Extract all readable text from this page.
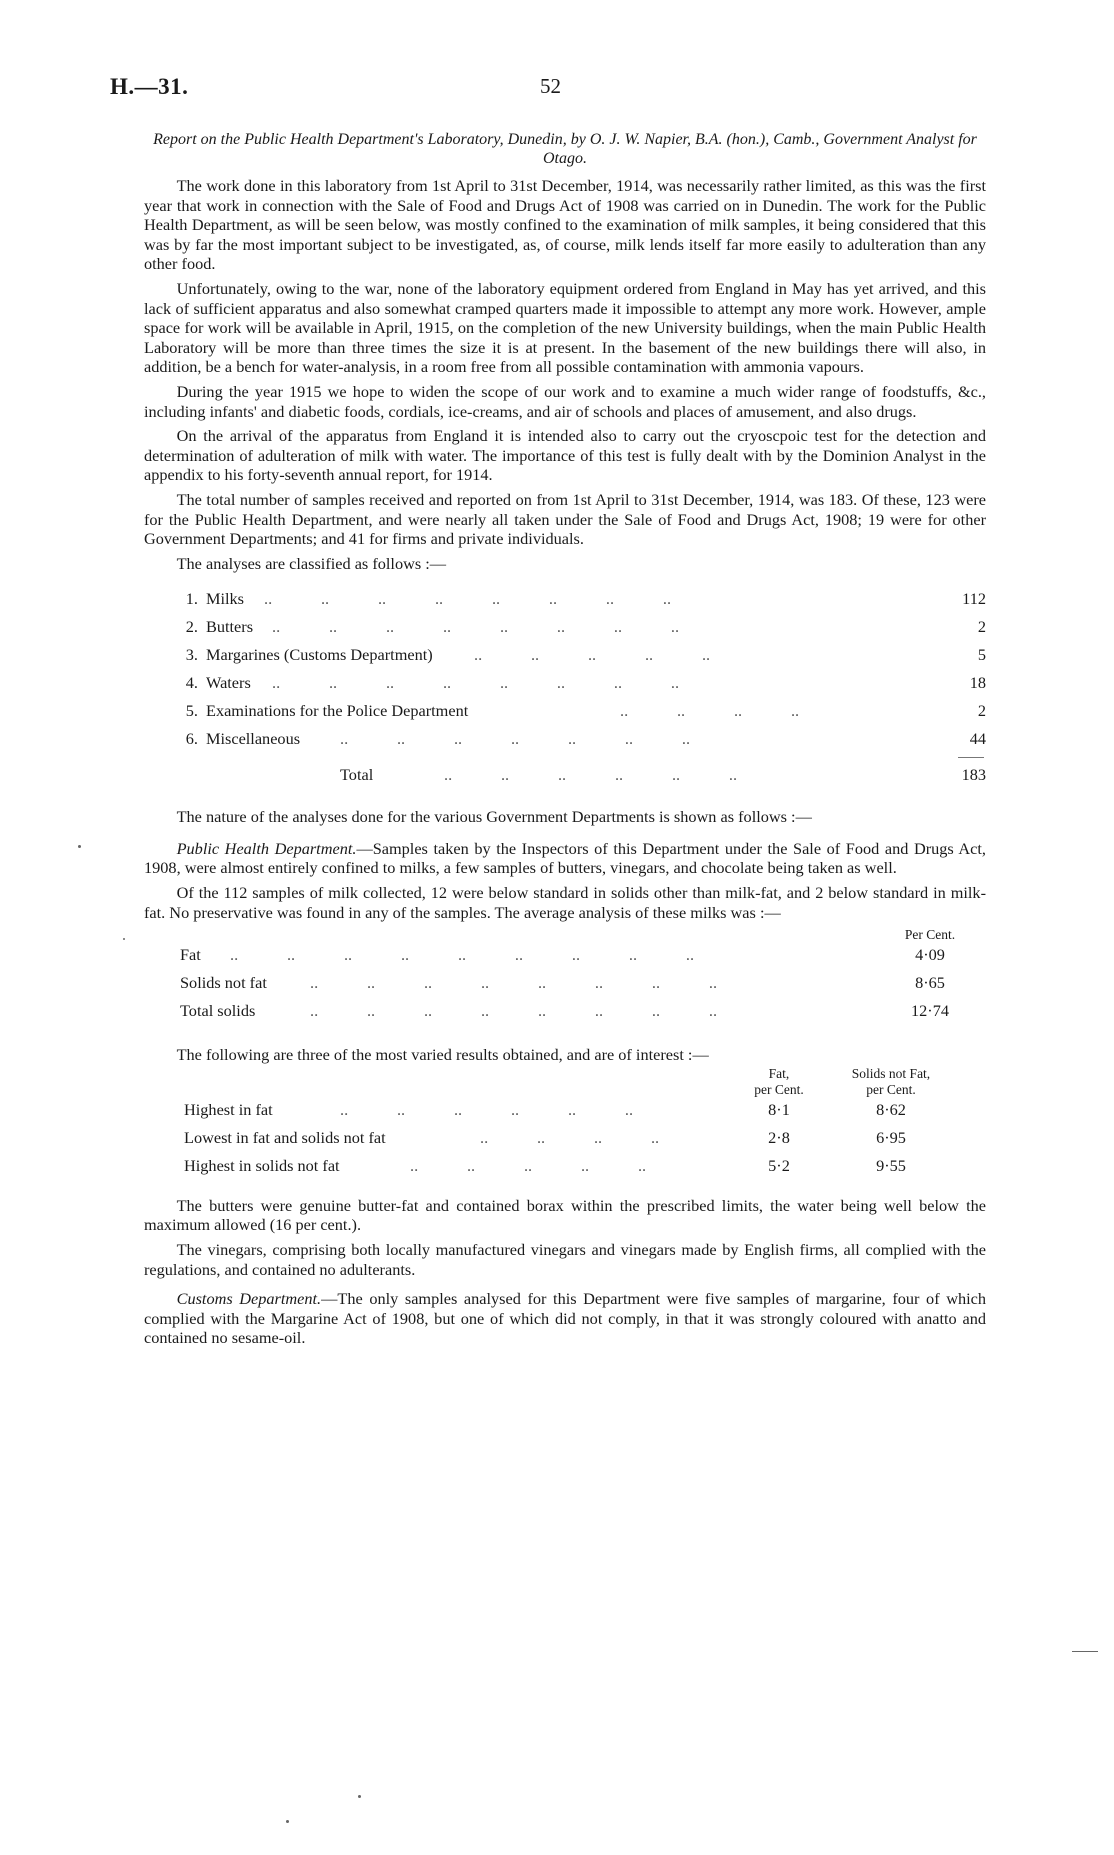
H.—31.	52
Report on the Public Health Department's Laboratory, Dunedin, by O. J. W. Napier, B.A. (hon.), Camb., Government Analyst for Otago.

The work done in this laboratory from 1st April to 31st December, 1914, was necessarily rather limited, as this was the first year that work in connection with the Sale of Food and Drugs Act of 1908 was carried on in Dunedin. The work for the Public Health Department, as will be seen below, was mostly confined to the examination of milk samples, it being considered that this was by far the most important subject to be investigated, as, of course, milk lends itself far more easily to adulteration than any other food.

Unfortunately, owing to the war, none of the laboratory equipment ordered from England in May has yet arrived, and this lack of sufficient apparatus and also somewhat cramped quarters made it impossible to attempt any more work. However, ample space for work will be available in April, 1915, on the completion of the new University buildings, when the main Public Health Laboratory will be more than three times the size it is at present. In the basement of the new buildings there will also, in addition, be a bench for water-analysis, in a room free from all possible contamination with ammonia vapours.

During the year 1915 we hope to widen the scope of our work and to examine a much wider range of foodstuffs, &c., including infants' and diabetic foods, cordials, ice-creams, and air of schools and places of amusement, and also drugs.

On the arrival of the apparatus from England it is intended also to carry out the cryoscpoic test for the detection and determination of adulteration of milk with water. The importance of this test is fully dealt with by the Dominion Analyst in the appendix to his forty-seventh annual report, for 1914.

The total number of samples received and reported on from 1st April to 31st December, 1914, was 183. Of these, 123 were for the Public Health Department, and were nearly all taken under the Sale of Food and Drugs Act, 1908; 19 were for other Government Departments; and 41 for firms and private individuals.

The analyses are classified as follows :—

1. Milks ..            ..            ..            ..            ..            ..            ..            ..	112
2. Butters ..            ..            ..            ..            ..            ..            ..            ..	2
3. Margarines (Customs Department)	..            ..            ..            ..            ..	5
4. Waters ..            ..            ..            ..            ..            ..            ..            ..	18
5. Examinations for the Police Department	..            ..            ..            ..	2
6. Miscellaneous ..            ..            ..            ..            ..            ..            ..	44
Total	..            ..            ..            ..            ..            ..	183

The nature of the analyses done for the various Government Departments is shown as follows :—

Public Health Department.—Samples taken by the Inspectors of this Department under the Sale of Food and Drugs Act, 1908, were almost entirely confined to milks, a few samples of butters, vinegars, and chocolate being taken as well.

Of the 112 samples of milk collected, 12 were below standard in solids other than milk-fat, and 2 below standard in milk-fat. No preservative was found in any of the samples. The average analysis of these milks was :—

Per Cent.
Fat ..            ..            ..            ..            ..            ..            ..            ..            ..	4·09
Solids not fat	..            ..            ..            ..            ..            ..            ..            ..	8·65
Total solids	..            ..            ..            ..            ..            ..            ..            ..	12·74

The following are three of the most varied results obtained, and are of interest :—

Fat,
per Cent.
Solids not Fat,
per Cent.
Highest in fat	..            ..            ..            ..            ..            ..	8·1	8·62
Lowest in fat and solids not fat	..            ..            ..            ..	2·8	6·95
Highest in solids not fat	..            ..            ..            ..            ..	5·2	9·55

The butters were genuine butter-fat and contained borax within the prescribed limits, the water being well below the maximum allowed (16 per cent.).

The vinegars, comprising both locally manufactured vinegars and vinegars made by English firms, all complied with the regulations, and contained no adulterants.

Customs Department.—The only samples analysed for this Department were five samples of margarine, four of which complied with the Margarine Act of 1908, but one of which did not comply, in that it was strongly coloured with anatto and contained no sesame-oil.
